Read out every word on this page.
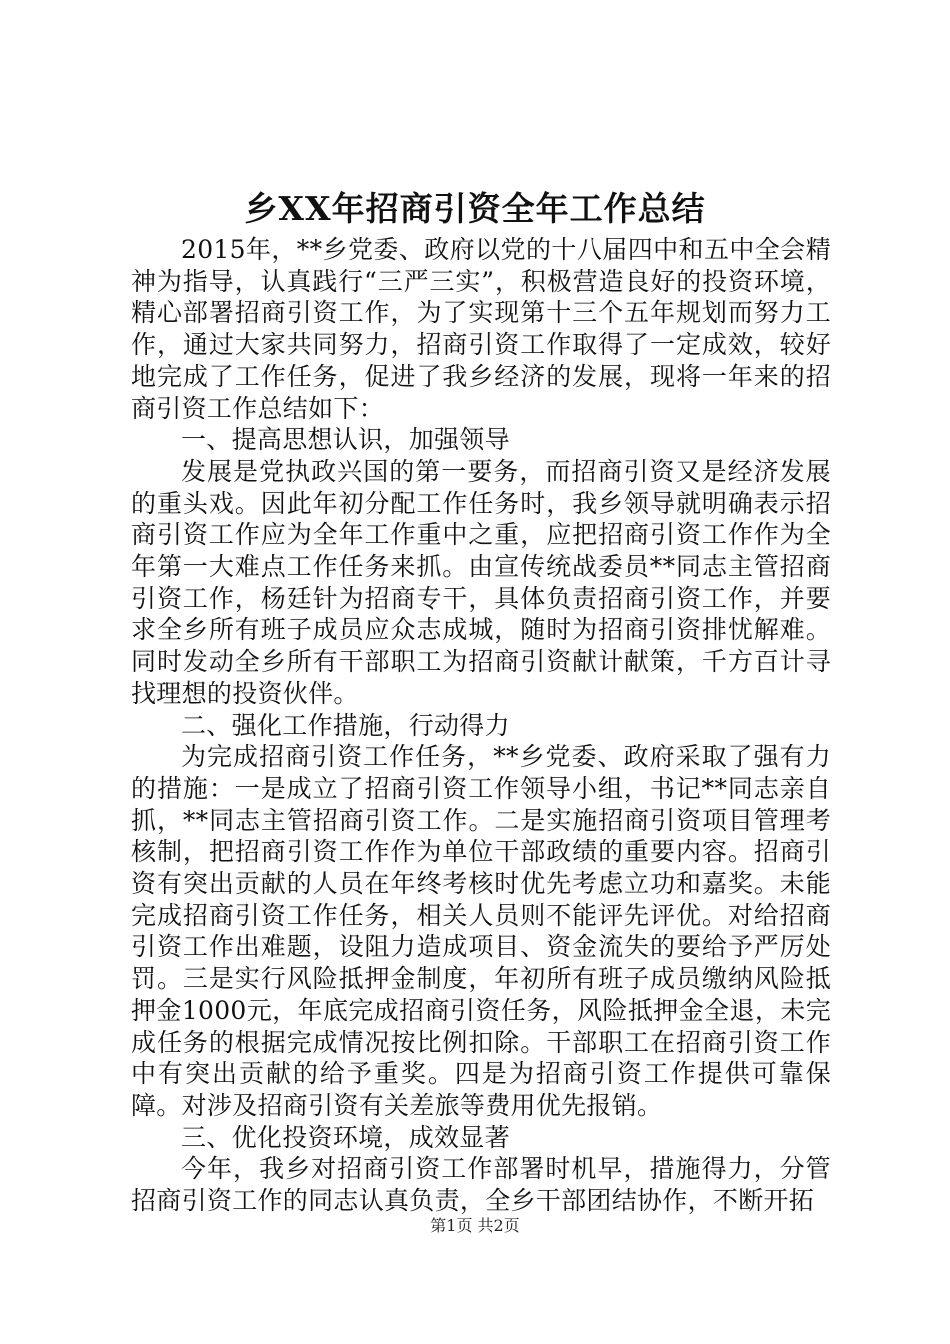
乡XX年招商引资全年工作总结

2015年，**乡党委、政府以党的十八届四中和五中全会精神为指导，认真践行“三严三实”，积极营造良好的投资环境，精心部署招商引资工作，为了实现第十三个五年规划而努力工作，通过大家共同努力，招商引资工作取得了一定成效，较好地完成了工作任务，促进了我乡经济的发展，现将一年来的招商引资工作总结如下：

一、提高思想认识，加强领导

发展是党执政兴国的第一要务，而招商引资又是经济发展的重头戏。因此年初分配工作任务时，我乡领导就明确表示招商引资工作应为全年工作重中之重，应把招商引资工作作为全年第一大难点工作任务来抓。由宣传统战委员**同志主管招商引资工作，杨廷针为招商专干，具体负责招商引资工作，并要求全乡所有班子成员应众志成城，随时为招商引资排忧解难。同时发动全乡所有干部职工为招商引资献计献策，千方百计寻找理想的投资伙伴。

二、强化工作措施，行动得力

为完成招商引资工作任务，**乡党委、政府采取了强有力的措施：一是成立了招商引资工作领导小组，书记**同志亲自抓，**同志主管招商引资工作。二是实施招商引资项目管理考核制，把招商引资工作作为单位干部政绩的重要内容。招商引资有突出贡献的人员在年终考核时优先考虑立功和嘉奖。未能完成招商引资工作任务，相关人员则不能评先评优。对给招商引资工作出难题，设阻力造成项目、资金流失的要给予严厉处罚。三是实行风险抵押金制度，年初所有班子成员缴纳风险抵押金1000元，年底完成招商引资任务，风险抵押金全退，未完成任务的根据完成情况按比例扣除。干部职工在招商引资工作中有突出贡献的给予重奖。四是为招商引资工作提供可靠保障。对涉及招商引资有关差旅等费用优先报销。

三、优化投资环境，成效显著

今年，我乡对招商引资工作部署时机早，措施得力，分管招商引资工作的同志认真负责，全乡干部团结协作，不断开拓

第1页 共2页
